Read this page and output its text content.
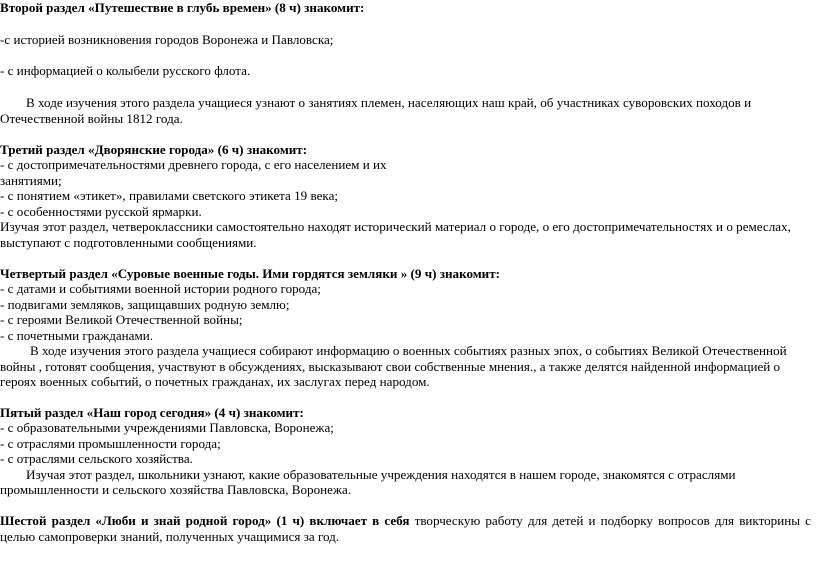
Второй раздел «Путешествие в глубь времен» (8 ч) знакомит:
-с историей возникновения городов Воронежа и Павловска;
- с информацией о колыбели русского флота.
В ходе изучения этого раздела учащиеся узнают о занятиях племен, населяющих наш край, об участниках суворовских походов и
Отечественной войны 1812 года.
Третий раздел «Дворянские города» (6 ч) знакомит:
- с достопримечательностями древнего города, с его населением и их
занятиями;
- с понятием «этикет», правилами светского этикета 19 века;
- с особенностями русской ярмарки.
Изучая этот раздел, четвероклассники самостоятельно находят исторический материал о городе, о его достопримечательностях и о ремеслах,
выступают с подготовленными сообщениями.
Четвертый раздел «Суровые военные годы. Ими гордятся земляки » (9 ч) знакомит:
- с датами и событиями военной истории родного города;
- подвигами земляков, защищавших родную землю;
- с героями Великой Отечественной войны;
- с почетными гражданами.
В ходе изучения этого раздела учащиеся собирают информацию о военных событиях разных эпох, о событиях Великой Отечественной
войны , готовят сообщения, участвуют в обсуждениях, высказывают свои собственные мнения., а также делятся найденной информацией о
героях военных событий, о почетных гражданах, их заслугах перед народом.
Пятый раздел «Наш город сегодня» (4 ч) знакомит:
- с образовательными учреждениями Павловска, Воронежа;
- с отраслями промышленности города;
- с отраслями сельского хозяйства.
Изучая этот раздел, школьники узнают, какие образовательные учреждения находятся в нашем городе, знакомятся с отраслями
промышленности и сельского хозяйства Павловска, Воронежа.
Шестой раздел «Люби и знай родной город» (1 ч) включает в себя творческую работу для детей и подборку вопросов для викторины с
целью самопроверки знаний, полученных учащимися за год.
